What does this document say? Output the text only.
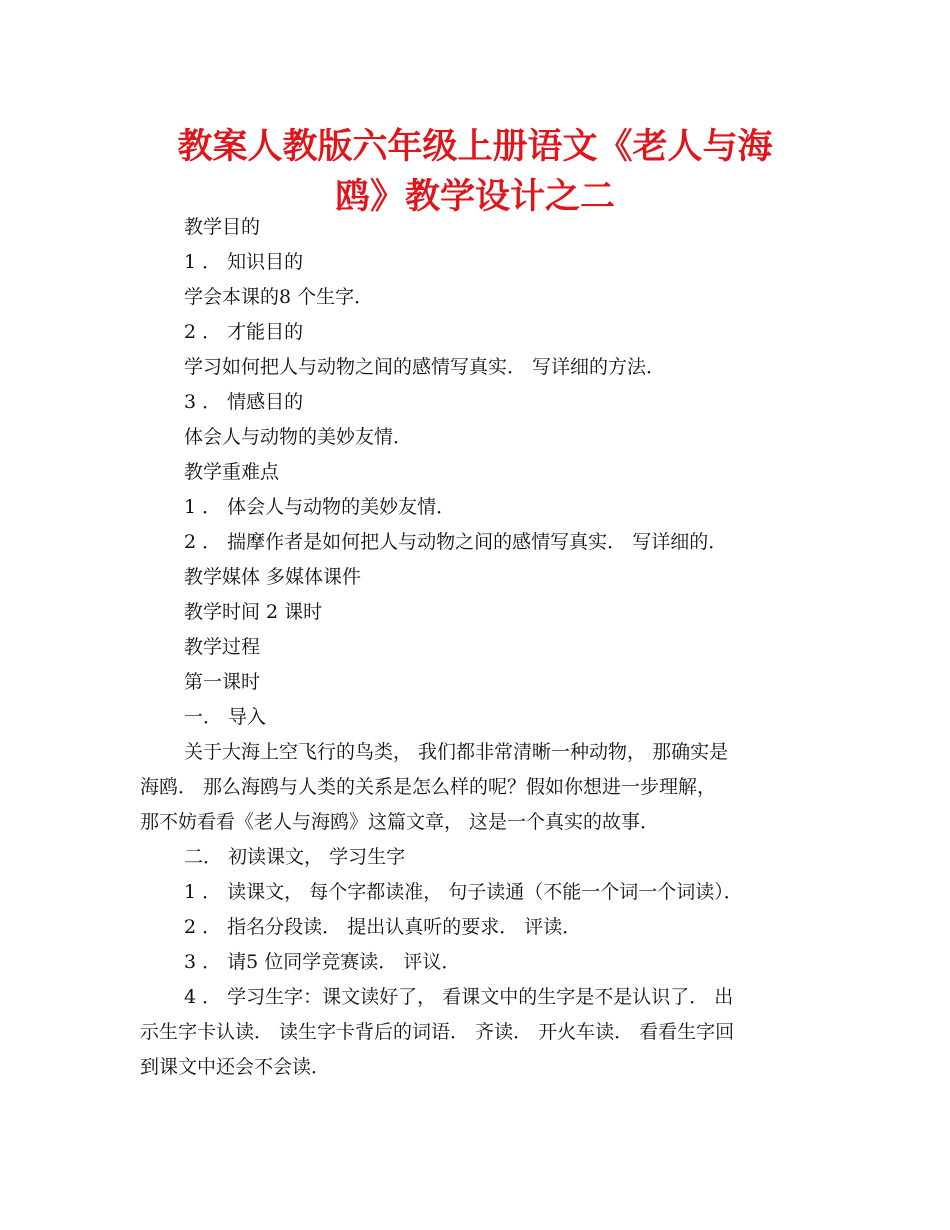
教案人教版六年级上册语文《老人与海
鸥》教学设计之二

教学目的

1 ． 知识目的

学会本课的8 个生字．

2 ． 才能目的

学习如何把人与动物之间的感情写真实． 写详细的方法．

3 ． 情感目的

体会人与动物的美妙友情．

教学重难点

1 ． 体会人与动物的美妙友情．

2 ． 揣摩作者是如何把人与动物之间的感情写真实． 写详细的．

教学媒体 多媒体课件

教学时间 2 课时

教学过程

第一课时

一． 导入

关于大海上空飞行的鸟类， 我们都非常清晰一种动物， 那确实是

海鸥． 那么海鸥与人类的关系是怎么样的呢？假如你想进一步理解，

那不妨看看《老人与海鸥》这篇文章， 这是一个真实的故事．

二． 初读课文， 学习生字

1 ． 读课文， 每个字都读准， 句子读通（不能一个词一个词读）．

2 ． 指名分段读． 提出认真听的要求． 评读．

3 ． 请5 位同学竞赛读． 评议．

4 ． 学习生字：课文读好了， 看课文中的生字是不是认识了． 出

示生字卡认读． 读生字卡背后的词语． 齐读． 开火车读． 看看生字回

到课文中还会不会读．
